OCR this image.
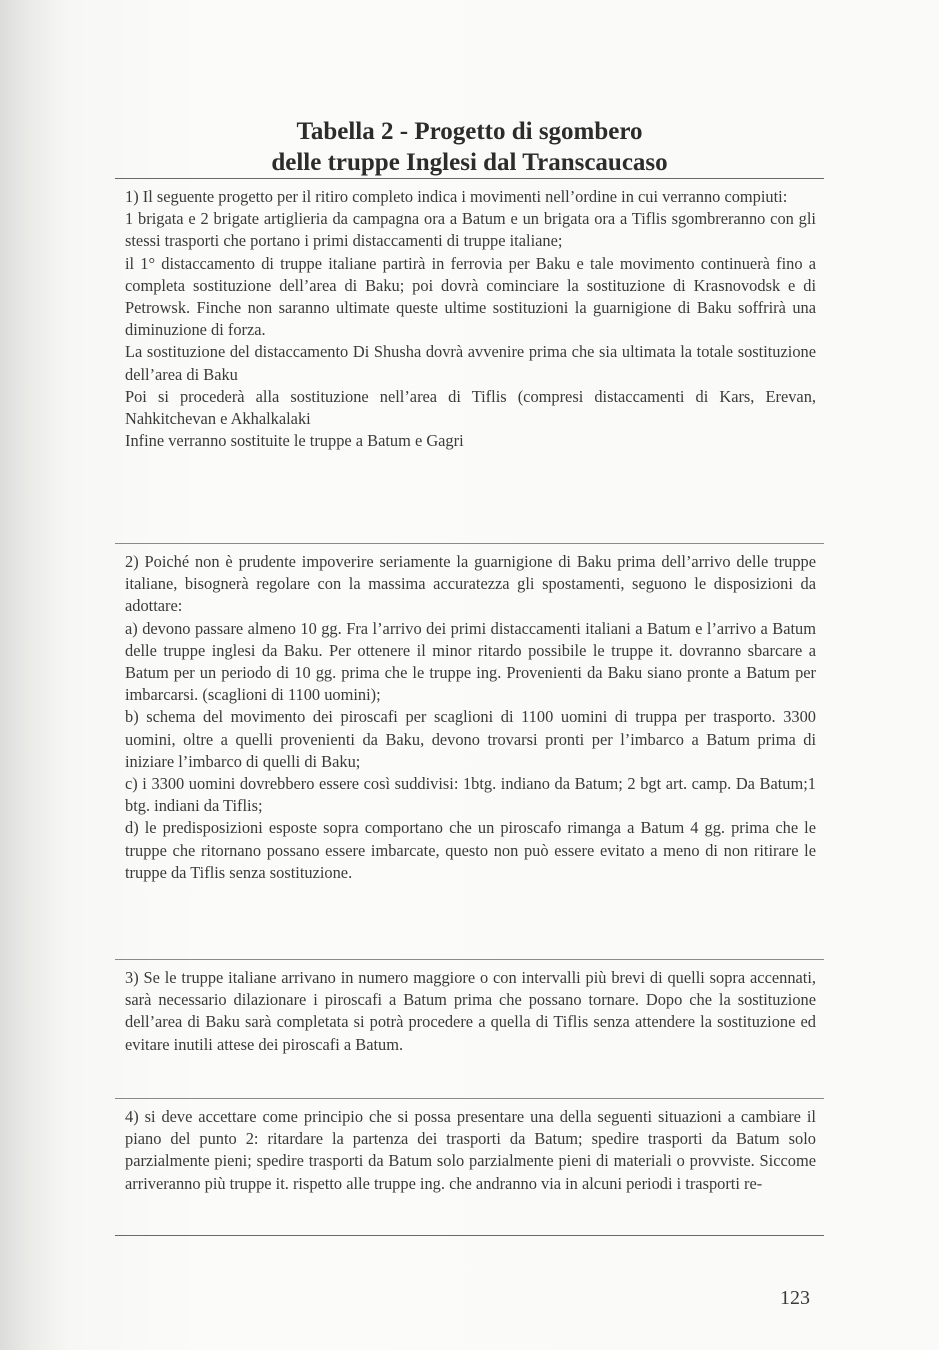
Tabella 2 - Progetto di sgombero
delle truppe Inglesi dal Transcaucaso

1) Il seguente progetto per il ritiro completo indica i movimenti nell’ordine in cui verranno compiuti:

1 brigata e 2 brigate artiglieria da campagna ora a Batum e un brigata ora a Tiflis sgombreranno con gli stessi trasporti che portano i primi distaccamenti di truppe italiane;

il 1° distaccamento di truppe italiane partirà in ferrovia per Baku e tale movimento continuerà fino a completa sostituzione dell’area di Baku; poi dovrà cominciare la sostituzione di Krasnovodsk e di Petrowsk. Finche non saranno ultimate queste ultime sostituzioni la guarnigione di Baku soffrirà una diminuzione di forza.

La sostituzione del distaccamento Di Shusha dovrà avvenire prima che sia ultimata la totale sostituzione dell’area di Baku

Poi si procederà alla sostituzione nell’area di Tiflis (compresi distaccamenti di Kars, Erevan, Nahkitchevan e Akhalkalaki

Infine verranno sostituite le truppe a Batum e Gagri

2) Poiché non è prudente impoverire seriamente la guarnigione di Baku prima dell’arrivo delle truppe italiane, bisognerà regolare con la massima accuratezza gli spostamenti, seguono le disposizioni da adottare:

a) devono passare almeno 10 gg. Fra l’arrivo dei primi distaccamenti italiani a Batum e l’arrivo a Batum delle truppe inglesi da Baku. Per ottenere il minor ritardo possibile le truppe it. dovranno sbarcare a Batum per un periodo di 10 gg. prima che le truppe ing. Provenienti da Baku siano pronte a Batum per imbarcarsi. (scaglioni di 1100 uomini);

b) schema del movimento dei piroscafi per scaglioni di 1100 uomini di truppa per trasporto. 3300 uomini, oltre a quelli provenienti da Baku, devono trovarsi pronti per l’imbarco a Batum prima di iniziare l’imbarco di quelli di Baku;

c) i 3300 uomini dovrebbero essere così suddivisi: 1btg. indiano da Batum; 2 bgt art. camp. Da Batum;1 btg. indiani da Tiflis;

d) le predisposizioni esposte sopra comportano che un piroscafo rimanga a Batum 4 gg. prima che le truppe che ritornano possano essere imbarcate, questo non può essere evitato a meno di non ritirare le truppe da Tiflis senza sostituzione.

3) Se le truppe italiane arrivano in numero maggiore o con intervalli più brevi di quelli sopra accennati, sarà necessario dilazionare i piroscafi a Batum prima che possano tornare. Dopo che la sostituzione dell’area di Baku sarà completata si potrà procedere a quella di Tiflis senza attendere la sostituzione ed evitare inutili attese dei piroscafi a Batum.

4) si deve accettare come principio che si possa presentare una della seguenti situazioni a cambiare il piano del punto 2: ritardare la partenza dei trasporti da Batum; spedire trasporti da Batum solo parzialmente pieni; spedire trasporti da Batum solo parzialmente pieni di materiali o provviste. Siccome arriveranno più truppe it. rispetto alle truppe ing. che andranno via in alcuni periodi i trasporti re-

123
